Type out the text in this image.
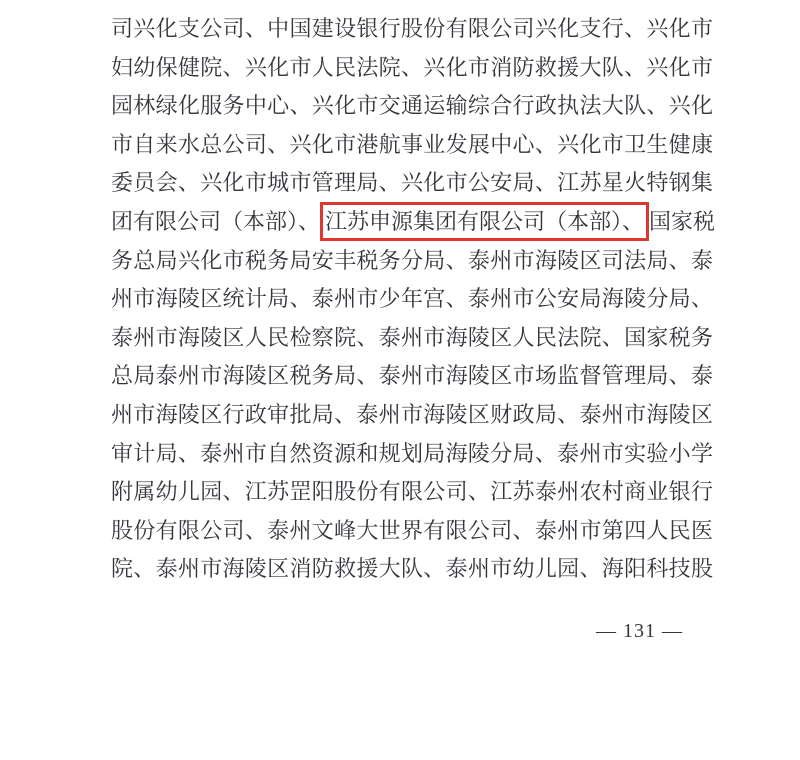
司兴化支公司、中国建设银行股份有限公司兴化支行、兴化市
妇幼保健院、兴化市人民法院、兴化市消防救援大队、兴化市
园林绿化服务中心、兴化市交通运输综合行政执法大队、兴化
市自来水总公司、兴化市港航事业发展中心、兴化市卫生健康
委员会、兴化市城市管理局、兴化市公安局、江苏星火特钢集
团有限公司（本部）、 江苏申源集团有限公司（本部）、 国家税
务总局兴化市税务局安丰税务分局、泰州市海陵区司法局、泰
州市海陵区统计局、泰州市少年宫、泰州市公安局海陵分局、
泰州市海陵区人民检察院、泰州市海陵区人民法院、国家税务
总局泰州市海陵区税务局、泰州市海陵区市场监督管理局、泰
州市海陵区行政审批局、泰州市海陵区财政局、泰州市海陵区
审计局、泰州市自然资源和规划局海陵分局、泰州市实验小学
附属幼儿园、江苏罡阳股份有限公司、江苏泰州农村商业银行
股份有限公司、泰州文峰大世界有限公司、泰州市第四人民医
院、泰州市海陵区消防救援大队、泰州市幼儿园、海阳科技股
— 131 —
